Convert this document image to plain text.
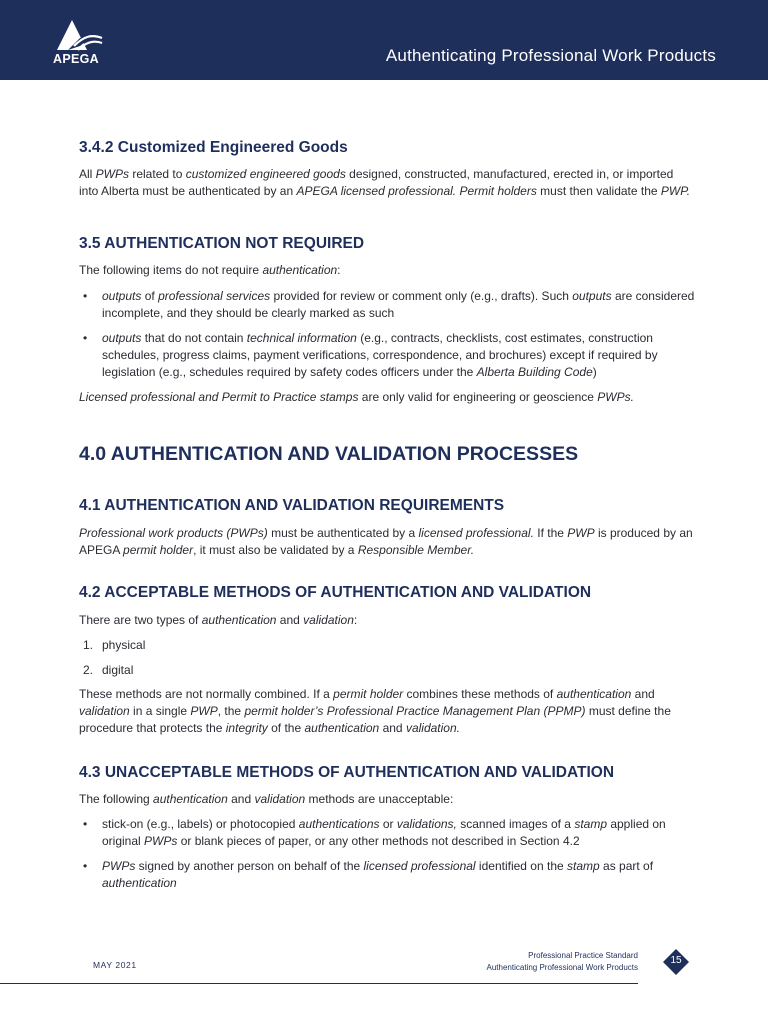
APEGA	Authenticating Professional Work Products
3.4.2 Customized Engineered Goods
All PWPs related to customized engineered goods designed, constructed, manufactured, erected in, or imported into Alberta must be authenticated by an APEGA licensed professional. Permit holders must then validate the PWP.
3.5 AUTHENTICATION NOT REQUIRED
The following items do not require authentication:
• outputs of professional services provided for review or comment only (e.g., drafts). Such outputs are considered incomplete, and they should be clearly marked as such
• outputs that do not contain technical information (e.g., contracts, checklists, cost estimates, construction schedules, progress claims, payment verifications, correspondence, and brochures) except if required by legislation (e.g., schedules required by safety codes officers under the Alberta Building Code)
Licensed professional and Permit to Practice stamps are only valid for engineering or geoscience PWPs.
4.0 AUTHENTICATION AND VALIDATION PROCESSES
4.1 AUTHENTICATION AND VALIDATION REQUIREMENTS
Professional work products (PWPs) must be authenticated by a licensed professional. If the PWP is produced by an APEGA permit holder, it must also be validated by a Responsible Member.
4.2 ACCEPTABLE METHODS OF AUTHENTICATION AND VALIDATION
There are two types of authentication and validation:
1. physical
2. digital
These methods are not normally combined. If a permit holder combines these methods of authentication and validation in a single PWP, the permit holder’s Professional Practice Management Plan (PPMP) must define the procedure that protects the integrity of the authentication and validation.
4.3 UNACCEPTABLE METHODS OF AUTHENTICATION AND VALIDATION
The following authentication and validation methods are unacceptable:
• stick-on (e.g., labels) or photocopied authentications or validations, scanned images of a stamp applied on original PWPs or blank pieces of paper, or any other methods not described in Section 4.2
• PWPs signed by another person on behalf of the licensed professional identified on the stamp as part of authentication
MAY 2021
Professional Practice Standard
Authenticating Professional Work Products
15
